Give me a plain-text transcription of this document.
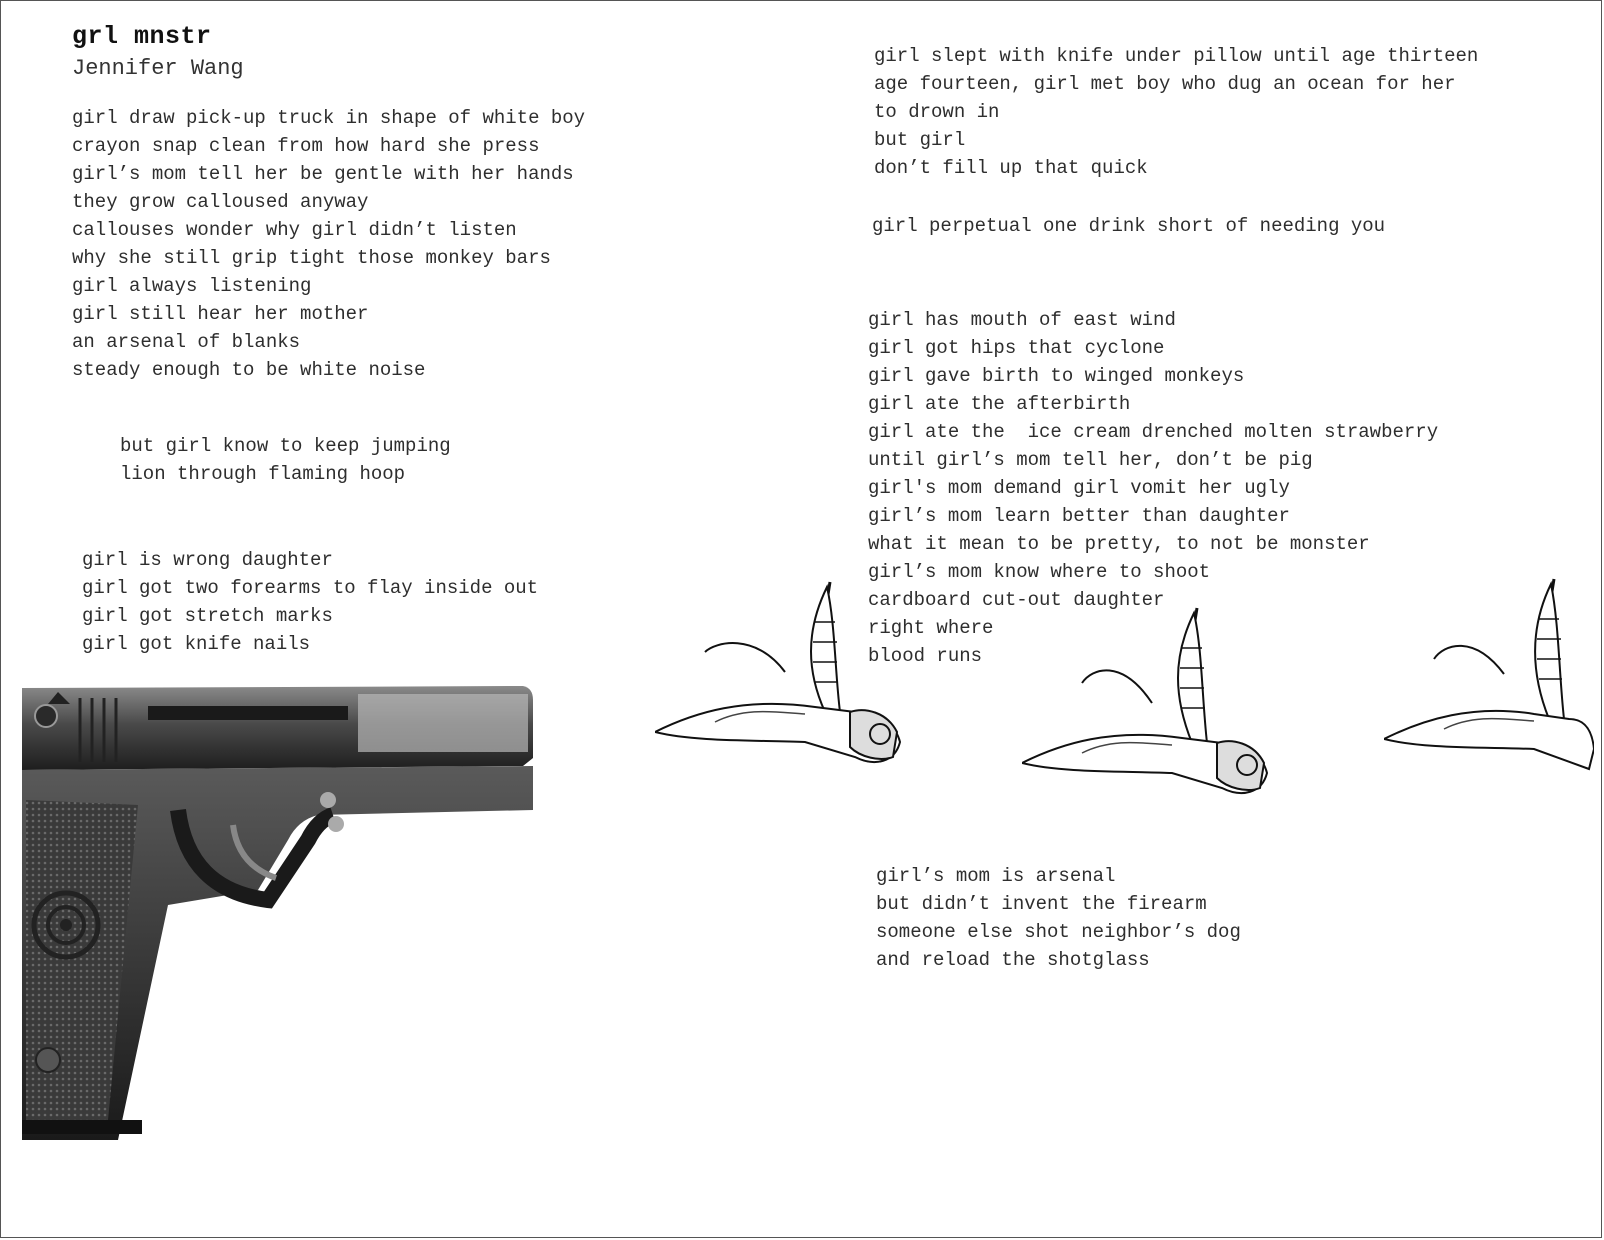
grl mnstr
Jennifer Wang
girl draw pick-up truck in shape of white boy
crayon snap clean from how hard she press
girl’s mom tell her be gentle with her hands
they grow calloused anyway
callouses wonder why girl didn’t listen
why she still grip tight those monkey bars
girl always listening
girl still hear her mother
an arsenal of blanks
steady enough to be white noise
but girl know to keep jumping
lion through flaming hoop
girl is wrong daughter
girl got two forearms to flay inside out
girl got stretch marks
girl got knife nails
girl slept with knife under pillow until age thirteen
age fourteen, girl met boy who dug an ocean for her
to drown in
but girl
don’t fill up that quick
girl perpetual one drink short of needing you
girl has mouth of east wind
girl got hips that cyclone
girl gave birth to winged monkeys
girl ate the afterbirth
girl ate the  ice cream drenched molten strawberry
until girl’s mom tell her, don’t be pig
girl's mom demand girl vomit her ugly
girl’s mom learn better than daughter
what it mean to be pretty, to not be monster
girl’s mom know where to shoot
cardboard cut-out daughter
right where
blood runs
girl’s mom is arsenal
but didn’t invent the firearm
someone else shot neighbor’s dog
and reload the shotglass
